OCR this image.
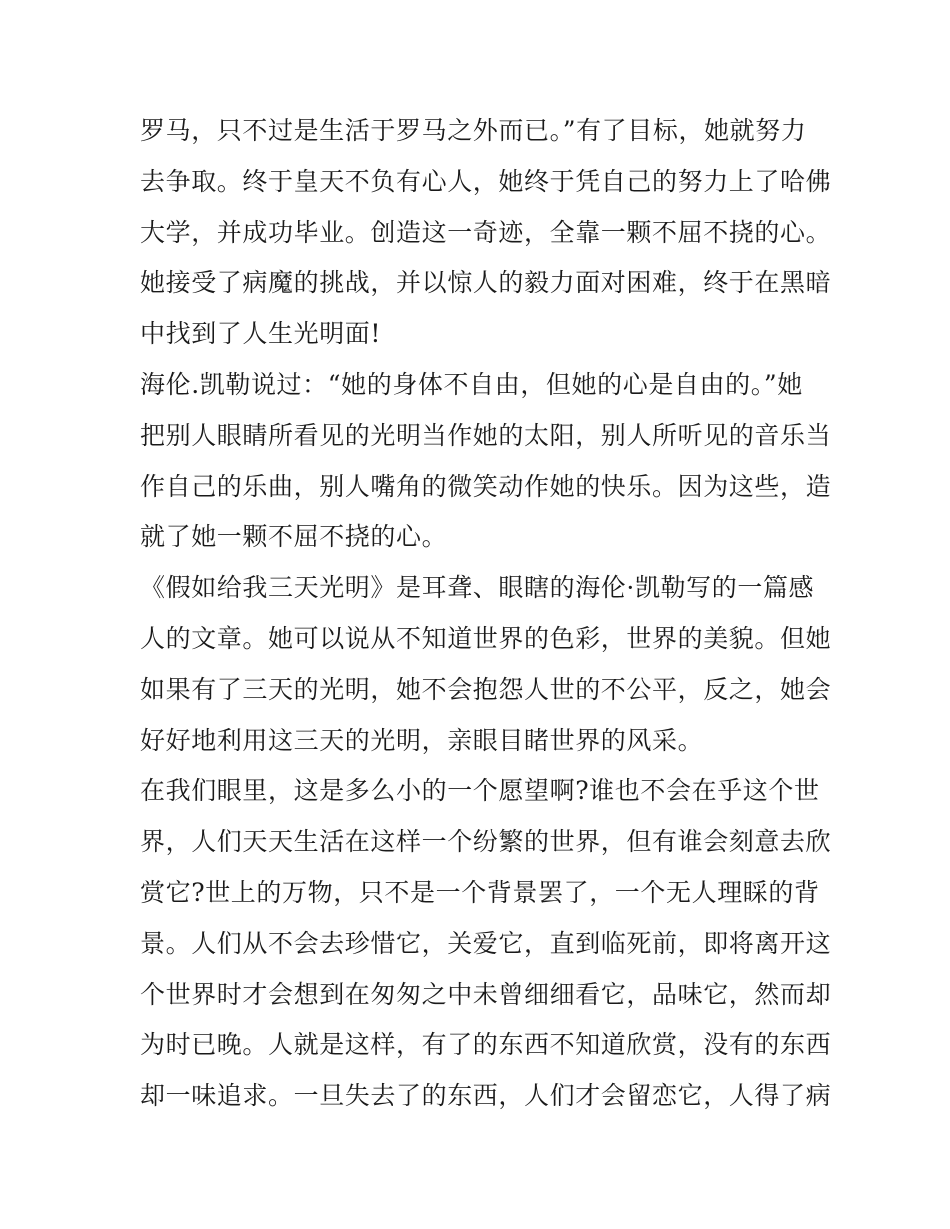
罗马，只不过是生活于罗马之外而已。”有了目标，她就努力
去争取。终于皇天不负有心人，她终于凭自己的努力上了哈佛
大学，并成功毕业。创造这一奇迹，全靠一颗不屈不挠的心。
她接受了病魔的挑战，并以惊人的毅力面对困难，终于在黑暗
中找到了人生光明面!
海伦.凯勒说过：“她的身体不自由，但她的心是自由的。”她
把别人眼睛所看见的光明当作她的太阳，别人所听见的音乐当
作自己的乐曲，别人嘴角的微笑动作她的快乐。因为这些，造
就了她一颗不屈不挠的心。
《假如给我三天光明》是耳聋、眼瞎的海伦·凯勒写的一篇感
人的文章。她可以说从不知道世界的色彩，世界的美貌。但她
如果有了三天的光明，她不会抱怨人世的不公平，反之，她会
好好地利用这三天的光明，亲眼目睹世界的风采。
在我们眼里，这是多么小的一个愿望啊?谁也不会在乎这个世
界，人们天天生活在这样一个纷繁的世界，但有谁会刻意去欣
赏它?世上的万物，只不是一个背景罢了，一个无人理睬的背
景。人们从不会去珍惜它，关爱它，直到临死前，即将离开这
个世界时才会想到在匆匆之中未曾细细看它，品味它，然而却
为时已晚。人就是这样，有了的东西不知道欣赏，没有的东西
却一味追求。一旦失去了的东西，人们才会留恋它，人得了病
